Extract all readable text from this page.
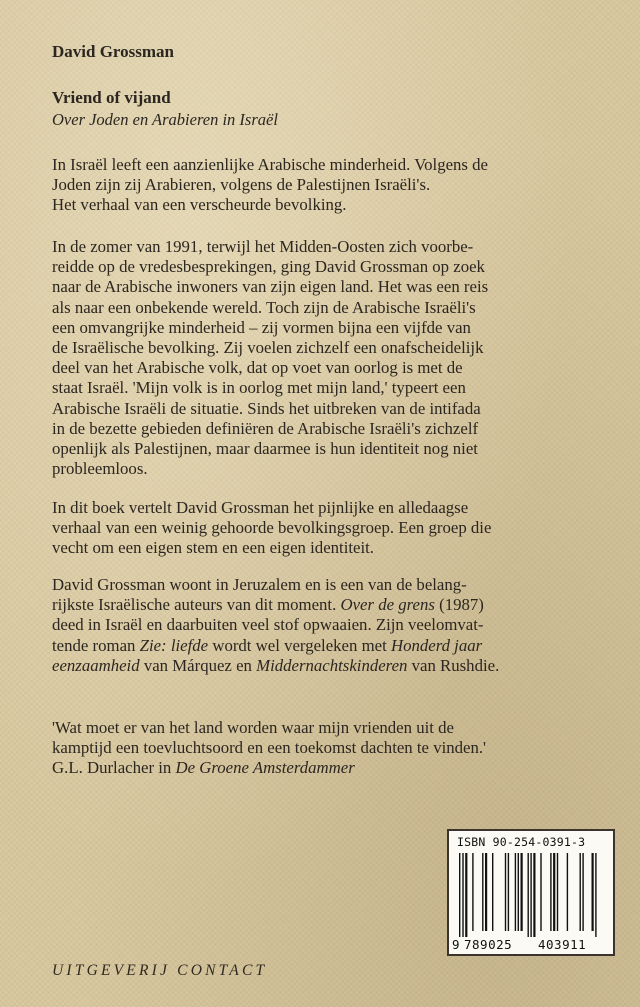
David Grossman
Vriend of vijand
Over Joden en Arabieren in Israël

In Israël leeft een aanzienlijke Arabische minderheid. Volgens de
Joden zijn zij Arabieren, volgens de Palestijnen Israëli's.
Het verhaal van een verscheurde bevolking.

In de zomer van 1991, terwijl het Midden-Oosten zich voorbe-
reidde op de vredesbesprekingen, ging David Grossman op zoek
naar de Arabische inwoners van zijn eigen land. Het was een reis
als naar een onbekende wereld. Toch zijn de Arabische Israëli's
een omvangrijke minderheid – zij vormen bijna een vijfde van
de Israëlische bevolking. Zij voelen zichzelf een onafscheidelijk
deel van het Arabische volk, dat op voet van oorlog is met de
staat Israël. 'Mijn volk is in oorlog met mijn land,' typeert een
Arabische Israëli de situatie. Sinds het uitbreken van de intifada
in de bezette gebieden definiëren de Arabische Israëli's zichzelf
openlijk als Palestijnen, maar daarmee is hun identiteit nog niet
probleemloos.

In dit boek vertelt David Grossman het pijnlijke en alledaagse
verhaal van een weinig gehoorde bevolkingsgroep. Een groep die
vecht om een eigen stem en een eigen identiteit.

David Grossman woont in Jeruzalem en is een van de belang-
rijkste Israëlische auteurs van dit moment. Over de grens (1987)
deed in Israël en daarbuiten veel stof opwaaien. Zijn veelomvat-
tende roman Zie: liefde wordt wel vergeleken met Honderd jaar
eenzaamheid van Márquez en Middernachtskinderen van Rushdie.

'Wat moet er van het land worden waar mijn vrienden uit de
kamptijd een toevluchtsoord en een toekomst dachten te vinden.'
G.L. Durlacher in De Groene Amsterdammer

ISBN 90-254-0391-3
9 789025 403911
UITGEVERIJ CONTACT
